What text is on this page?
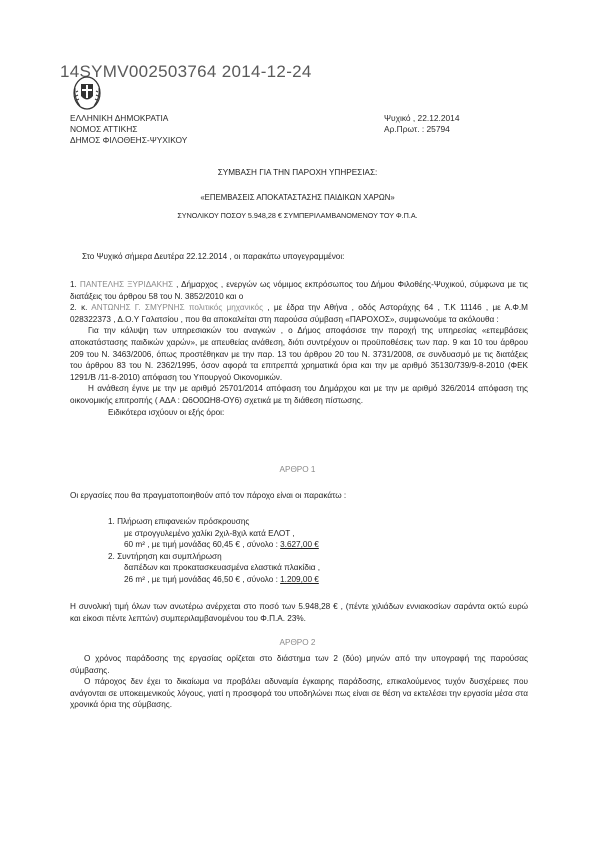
14SYMV002503764 2014-12-24
ΕΛΛΗΝΙΚΗ ΔΗΜΟΚΡΑΤΙΑ
ΝΟΜΟΣ ΑΤΤΙΚΗΣ
ΔΗΜΟΣ ΦΙΛΟΘΕΗΣ-ΨΥΧΙΚΟΥ
Ψυχικό , 22.12.2014
Αρ.Πρωτ. : 25794
ΣΥΜΒΑΣΗ ΓΙΑ ΤΗΝ ΠΑΡΟΧΗ ΥΠΗΡΕΣΙΑΣ:
«ΕΠΕΜΒΑΣΕΙΣ ΑΠΟΚΑΤΑΣΤΑΣΗΣ ΠΑΙΔΙΚΩΝ ΧΑΡΩΝ»
ΣΥΝΟΛΙΚΟΥ ΠΟΣΟΥ 5.948,28 € ΣΥΜΠΕΡΙΛΑΜΒΑΝΟΜΕΝΟΥ ΤΟΥ Φ.Π.Α.

Στο Ψυχικό σήμερα Δευτέρα 22.12.2014 , οι παρακάτω υπογεγραμμένοι:

1. ΠΑΝΤΕΛΗΣ ΞΥΡΙΔΑΚΗΣ , Δήμαρχος , ενεργών ως νόμιμος εκπρόσωπος του Δήμου Φιλοθέης-Ψυχικού, σύμφωνα με τις διατάξεις του άρθρου 58 του Ν. 3852/2010 και ο

2. κ. ΑΝΤΩΝΗΣ Γ. ΣΜΥΡΝΗΣ πολιτικός μηχανικός , με έδρα την Αθήνα , οδός Αστοράχης 64 , Τ.Κ 11146 , με Α.Φ.Μ 028322373 , Δ.Ο.Υ Γαλατσίου , που θα αποκαλείται στη παρούσα σύμβαση «ΠΑΡΟΧΟΣ», συμφωνούμε τα ακόλουθα :

Για την κάλυψη των υπηρεσιακών του αναγκών , ο Δήμος αποφάσισε την παροχή της υπηρεσίας «επεμβάσεις αποκατάστασης παιδικών χαρών», με απευθείας ανάθεση, διότι συντρέχουν οι προϋποθέσεις των παρ. 9 και 10 του άρθρου 209 του Ν. 3463/2006, όπως προστέθηκαν με την παρ. 13 του άρθρου 20 του Ν. 3731/2008, σε συνδυασμό με τις διατάξεις του άρθρου 83 του Ν. 2362/1995, όσον αφορά τα επιτρεπτά χρηματικά όρια και την με αριθμό 35130/739/9-8-2010 (ΦΕΚ 1291/Β /11-8-2010) απόφαση του Υπουργού Οικονομικών.

Η ανάθεση έγινε με την με αριθμό 25701/2014 απόφαση του Δημάρχου και με την με αριθμό 326/2014 απόφαση της οικονομικής επιτροπής ( ΑΔΑ : Ω6Ο0ΩΗ8-ΟΥ6) σχετικά με τη διάθεση πίστωσης.

Ειδικότερα ισχύουν οι εξής όροι:

ΑΡΘΡΟ 1
Οι εργασίες που θα πραγματοποιηθούν από τον πάροχο είναι οι παρακάτω :
1. Πλήρωση επιφανειών πρόσκρουσης
με στρογγυλεμένο χαλίκι 2χιλ-8χιλ κατά ΕΛΟΤ ,
60 m² , με τιμή μονάδας 60,45 € , σύνολο : 3.627,00 €
2. Συντήρηση και συμπλήρωση
δαπέδων και προκατασκευασμένα ελαστικά πλακίδια ,
26 m² , με τιμή μονάδας 46,50 € , σύνολο : 1.209,00 €
Η συνολική τιμή όλων των ανωτέρω ανέρχεται στο ποσό των 5.948,28 € , (πέντε χιλιάδων εννιακοσίων σαράντα οκτώ ευρώ και είκοσι πέντε λεπτών) συμπεριλαμβανομένου του Φ.Π.Α. 23%.
ΑΡΘΡΟ 2

Ο χρόνος παράδοσης της εργασίας ορίζεται στο διάστημα των 2 (δύο) μηνών από την υπογραφή της παρούσας σύμβασης.

Ο πάροχος δεν έχει το δικαίωμα να προβάλει αδυναμία έγκαιρης παράδοσης, επικαλούμενος τυχόν δυσχέρειες που ανάγονται σε υποκειμενικούς λόγους, γιατί η προσφορά του υποδηλώνει πως είναι σε θέση να εκτελέσει την εργασία μέσα στα χρονικά όρια της σύμβασης.
